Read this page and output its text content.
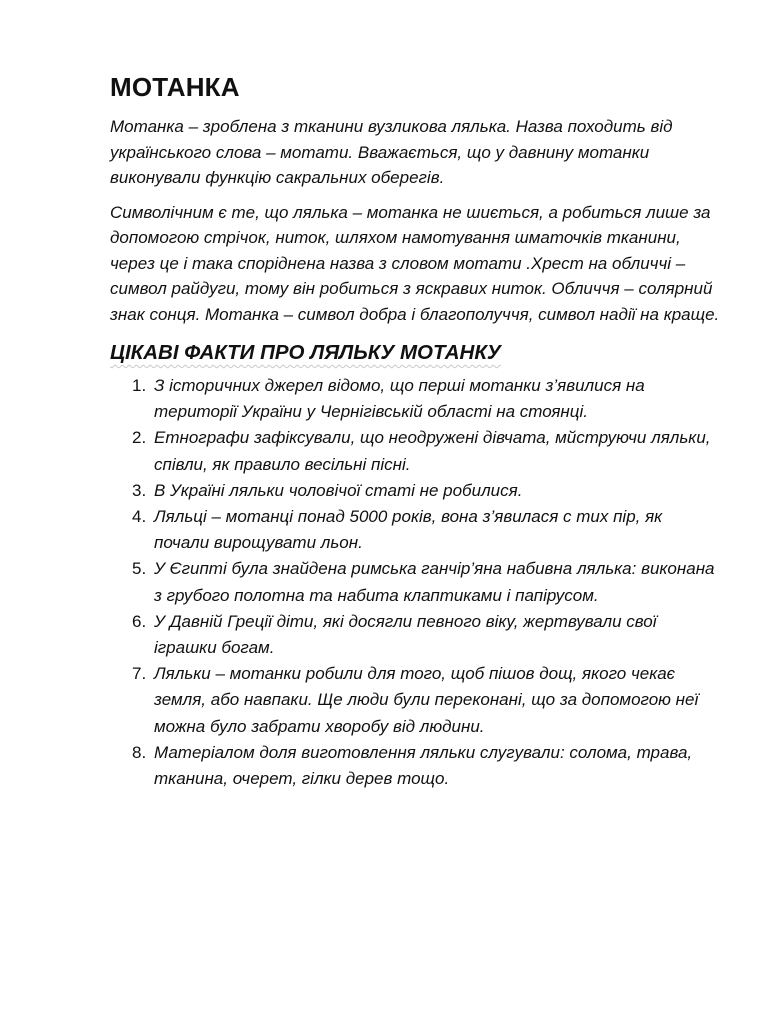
МОТАНКА

Мотанка – зроблена з тканини вузликова лялька. Назва походить від українського слова – мотати. Вважається, що у давнину мотанки виконували функцію сакральних оберегів.

Символічним є те, що лялька – мотанка не шиється, а робиться лише за допомогою стрічок, ниток, шляхом намотування шматочків тканини, через це і така споріднена назва з словом мотати .Хрест на обличчі – символ райдуги, тому він робиться з яскравих ниток. Обличчя – солярний знак сонця. Мотанка – символ добра і благополуччя, символ надії на краще.

ЦІКАВІ ФАКТИ ПРО ЛЯЛЬКУ МОТАНКУ
1. З історичних джерел відомо, що перші мотанки з’явилися на території України у Чернігівській області на стоянці.
2. Етнографи зафіксували, що неодружені дівчата, мйструючи ляльки, співли, як правило весільні пісні.
3. В Україні ляльки чоловічої статі не робилися.
4. Ляльці – мотанці понад 5000 років, вона з’явилася с тих пір, як почали вирощувати льон.
5. У Єгипті була знайдена римська ганчір’яна набивна лялька: виконана з грубого полотна та набита клаптиками і папірусом.
6. У Давній Греції діти, які досягли певного віку, жертвували свої іграшки богам.
7. Ляльки – мотанки робили для того, щоб пішов дощ, якого чекає земля, або навпаки. Ще люди були переконані, що за допомогою неї можна було забрати хворобу від людини.
8. Матеріалом доля виготовлення ляльки слугували: солома, трава, тканина, очерет, гілки дерев тощо.
